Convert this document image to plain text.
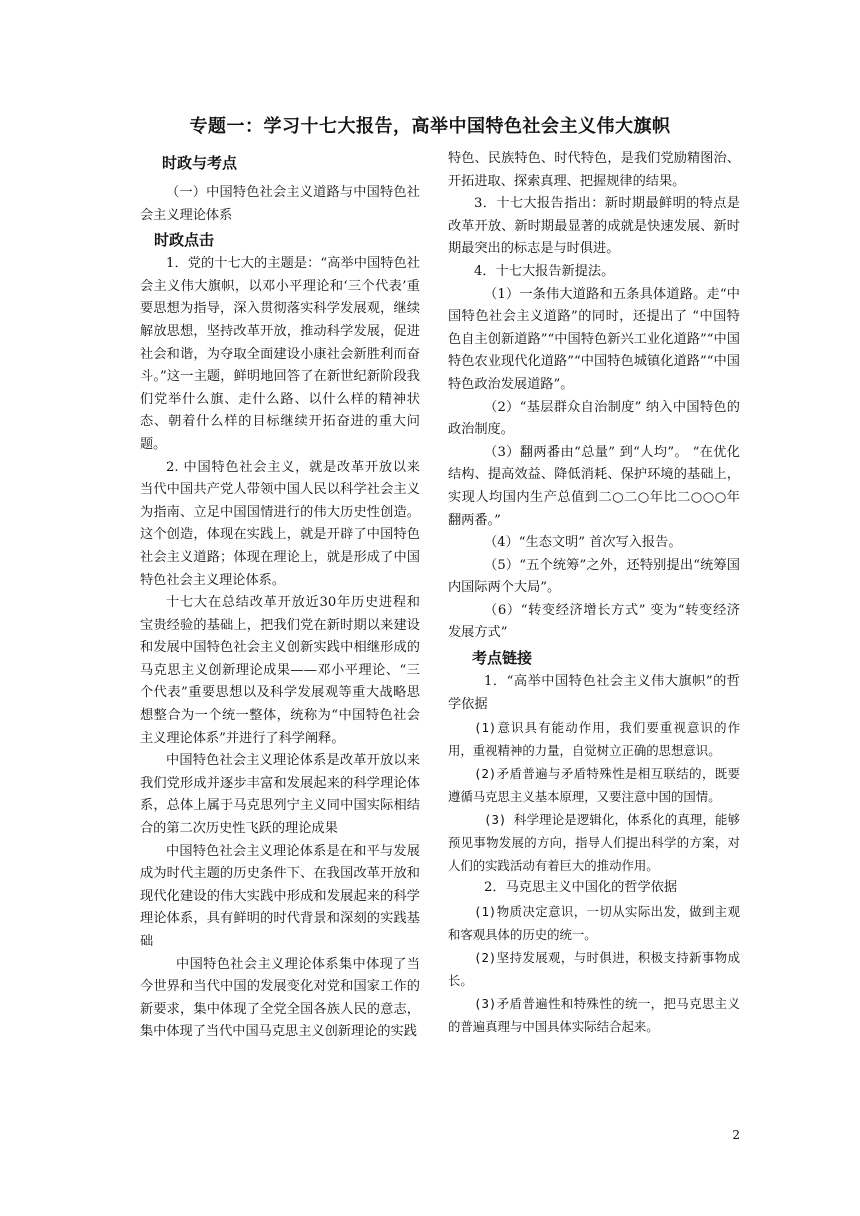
专题一：学习十七大报告，高举中国特色社会主义伟大旗帜

时政与考点

（一）中国特色社会主义道路与中国特色社会主义理论体系

时政点击

1．党的十七大的主题是：“高举中国特色社会主义伟大旗帜，以邓小平理论和‘三个代表’重要思想为指导，深入贯彻落实科学发展观，继续解放思想，坚持改革开放，推动科学发展，促进社会和谐，为夺取全面建设小康社会新胜利而奋斗。”这一主题，鲜明地回答了在新世纪新阶段我们党举什么旗、走什么路、以什么样的精神状态、朝着什么样的目标继续开拓奋进的重大问题。

2. 中国特色社会主义，就是改革开放以来当代中国共产党人带领中国人民以科学社会主义为指南、立足中国国情进行的伟大历史性创造。这个创造，体现在实践上，就是开辟了中国特色社会主义道路；体现在理论上，就是形成了中国特色社会主义理论体系。

十七大在总结改革开放近30年历史进程和宝贵经验的基础上，把我们党在新时期以来建设和发展中国特色社会主义创新实践中相继形成的马克思主义创新理论成果——邓小平理论、“三个代表”重要思想以及科学发展观等重大战略思想整合为一个统一整体，统称为“中国特色社会主义理论体系”并进行了科学阐释。

中国特色社会主义理论体系是改革开放以来我们党形成并逐步丰富和发展起来的科学理论体系，总体上属于马克思列宁主义同中国实际相结合的第二次历史性飞跃的理论成果

中国特色社会主义理论体系是在和平与发展成为时代主题的历史条件下、在我国改革开放和现代化建设的伟大实践中形成和发展起来的科学理论体系，具有鲜明的时代背景和深刻的实践基础

中国特色社会主义理论体系集中体现了当今世界和当代中国的发展变化对党和国家工作的新要求，集中体现了全党全国各族人民的意志，集中体现了当代中国马克思主义创新理论的实践

特色、民族特色、时代特色，是我们党励精图治、开拓进取、探索真理、把握规律的结果。

3．十七大报告指出：新时期最鲜明的特点是改革开放、新时期最显著的成就是快速发展、新时期最突出的标志是与时俱进。

4．十七大报告新提法。

（1）一条伟大道路和五条具体道路。走“中国特色社会主义道路”的同时，还提出了 “中国特色自主创新道路”“中国特色新兴工业化道路”“中国特色农业现代化道路”“中国特色城镇化道路”“中国特色政治发展道路”。

（2）“基层群众自治制度” 纳入中国特色的政治制度。

（3）翻两番由“总量” 到“人均”。 “在优化结构、提高效益、降低消耗、保护环境的基础上，实现人均国内生产总值到二○二○年比二○○○年翻两番。”

（4）“生态文明” 首次写入报告。

（5）“五个统筹”之外，还特别提出“统筹国内国际两个大局”。

（6）“转变经济增长方式” 变为“转变经济发展方式”

考点链接

1．“高举中国特色社会主义伟大旗帜”的哲学依据

(1)意识具有能动作用，我们要重视意识的作用，重视精神的力量，自觉树立正确的思想意识。

(2)矛盾普遍与矛盾特殊性是相互联结的，既要遵循马克思主义基本原理，又要注意中国的国情。

(3) 科学理论是逻辑化，体系化的真理，能够预见事物发展的方向，指导人们提出科学的方案，对人们的实践活动有着巨大的推动作用。

2．马克思主义中国化的哲学依据

(1)物质决定意识，一切从实际出发，做到主观和客观具体的历史的统一。

(2)坚持发展观，与时俱进，积极支持新事物成长。

(3)矛盾普遍性和特殊性的统一，把马克思主义的普遍真理与中国具体实际结合起来。

2
